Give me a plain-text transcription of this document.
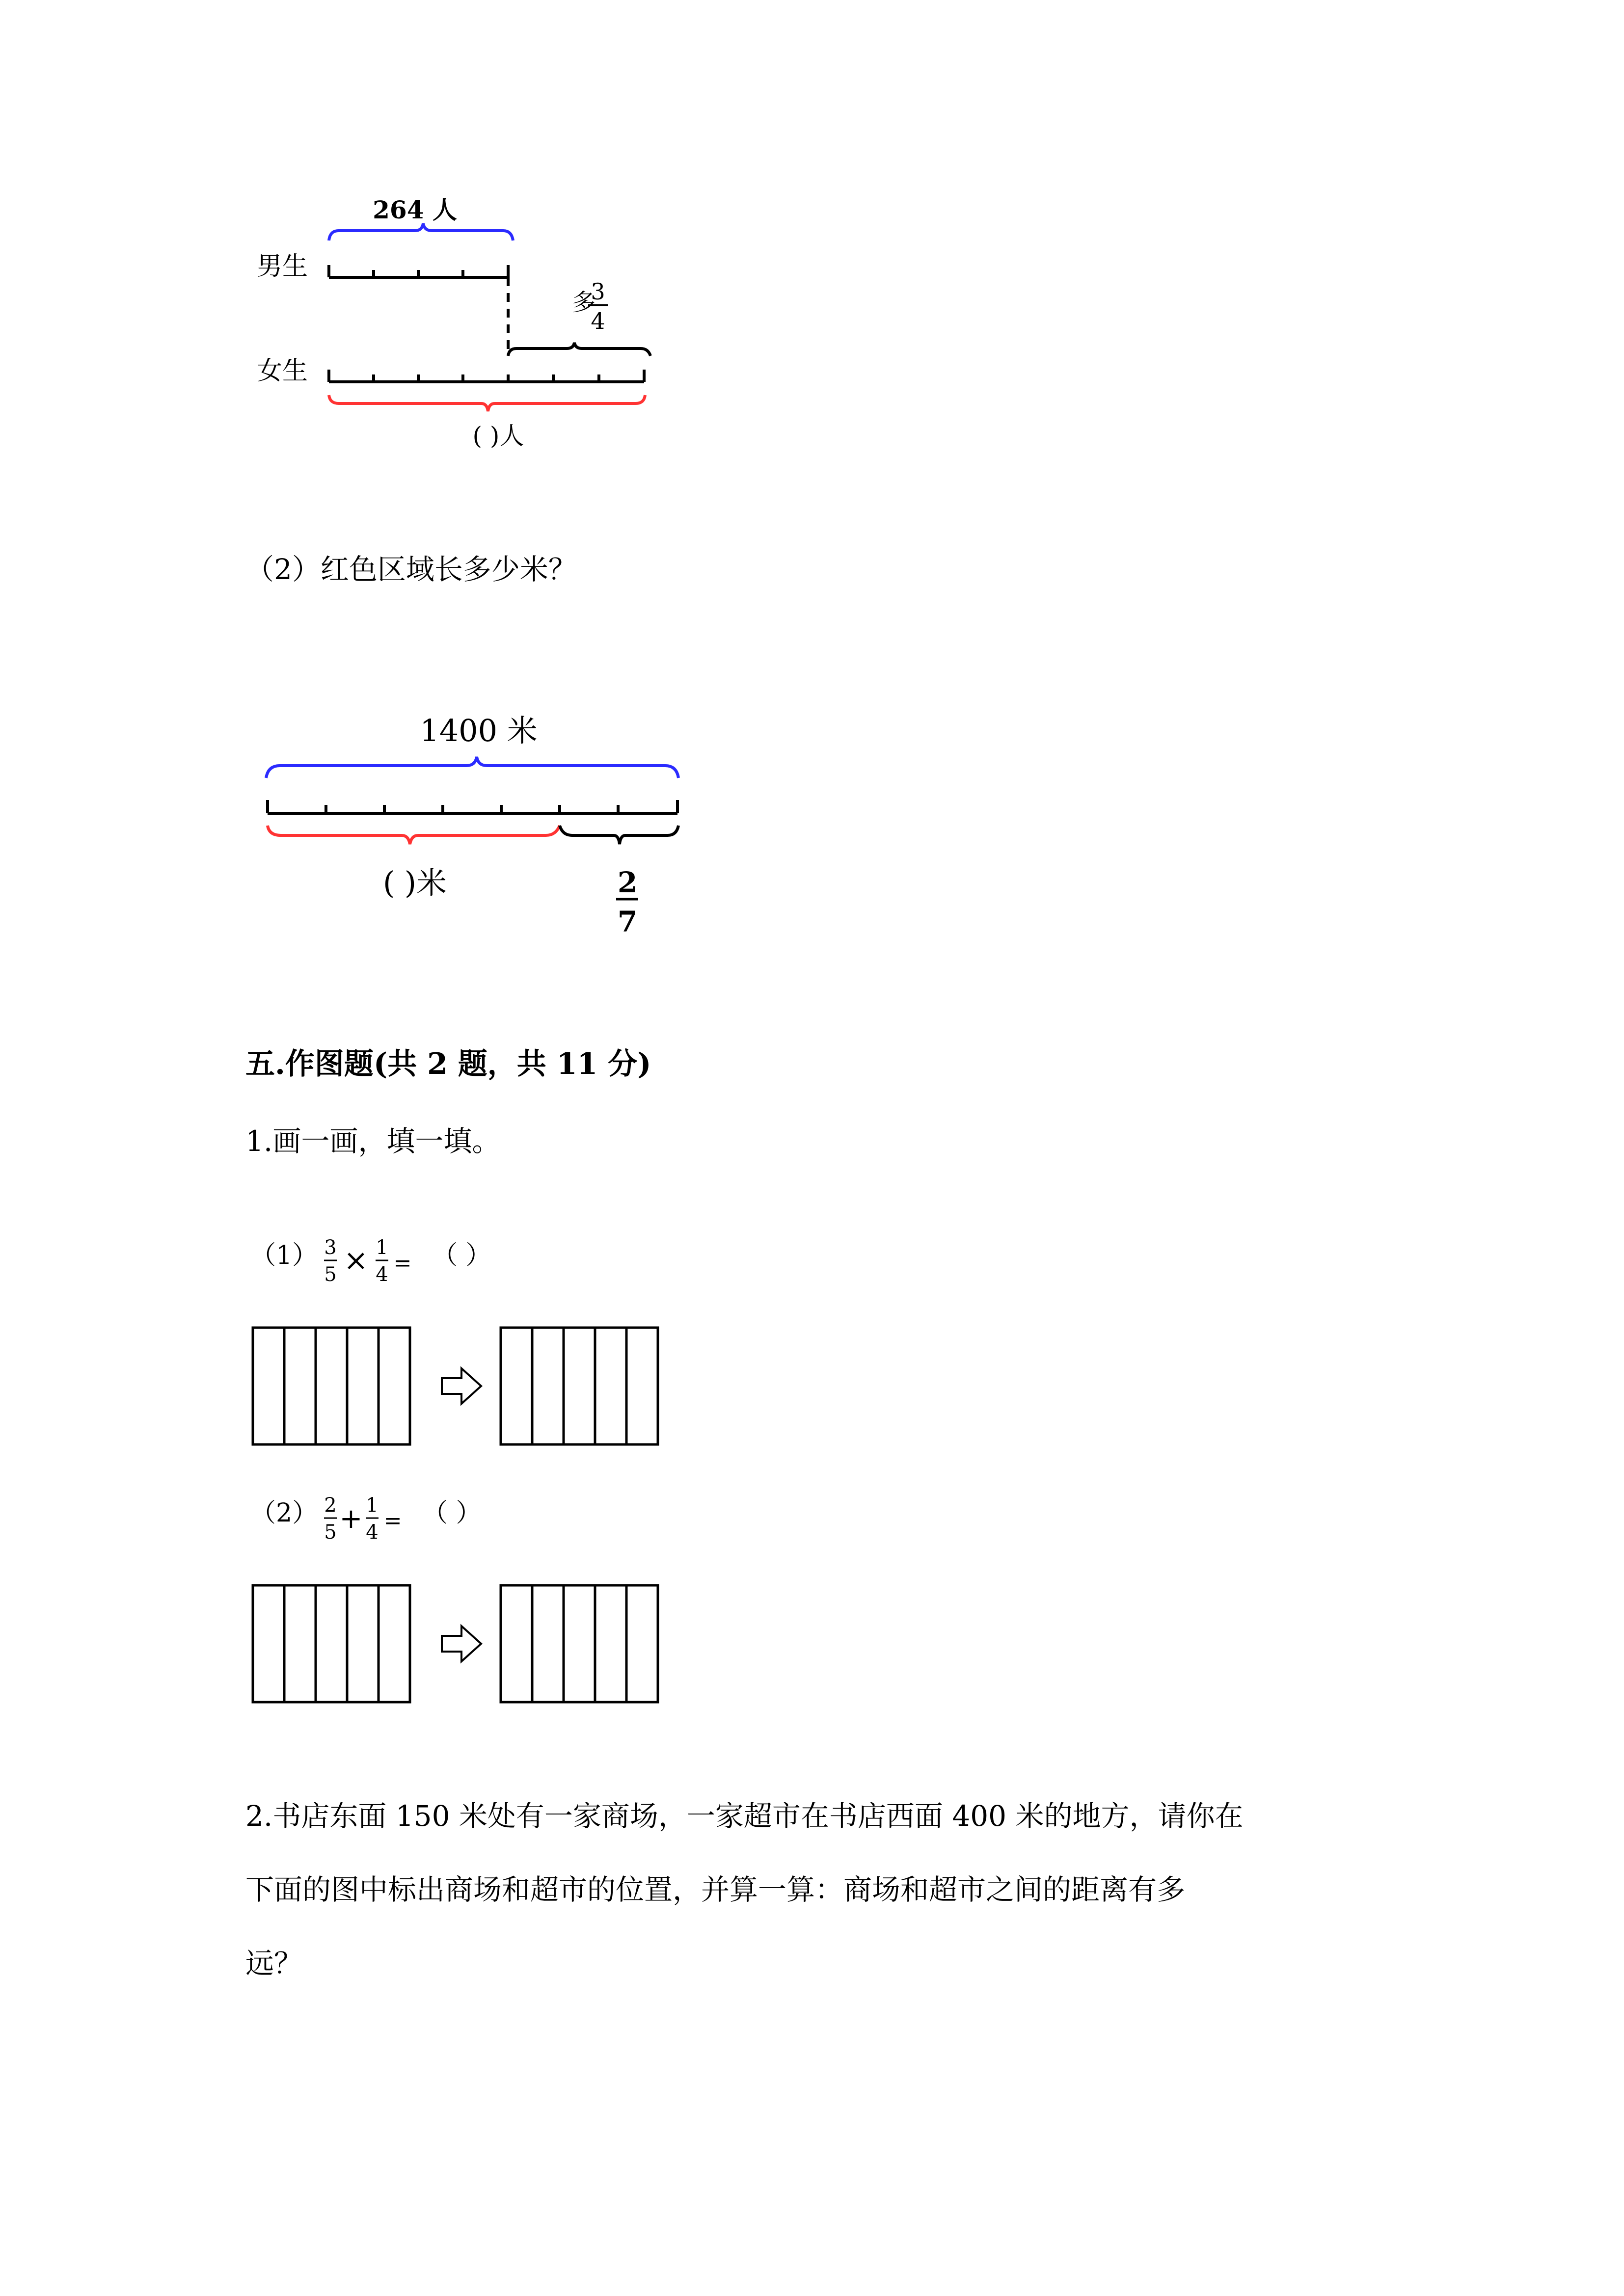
264 人
男生
多
3
4
女生
( )人
（2）红色区域长多少米？
1400 米
( )米	2
7
五.作图题(共 2 题，共 11 分)
1.画一画，填一填。
（1） 3
5 × 1
4 = （ ）
（2） 2
5 + 1
4 = （ ）
2.书店东面 150 米处有一家商场，一家超市在书店西面 400 米的地方，请你在
下面的图中标出商场和超市的位置，并算一算：商场和超市之间的距离有多
远？
